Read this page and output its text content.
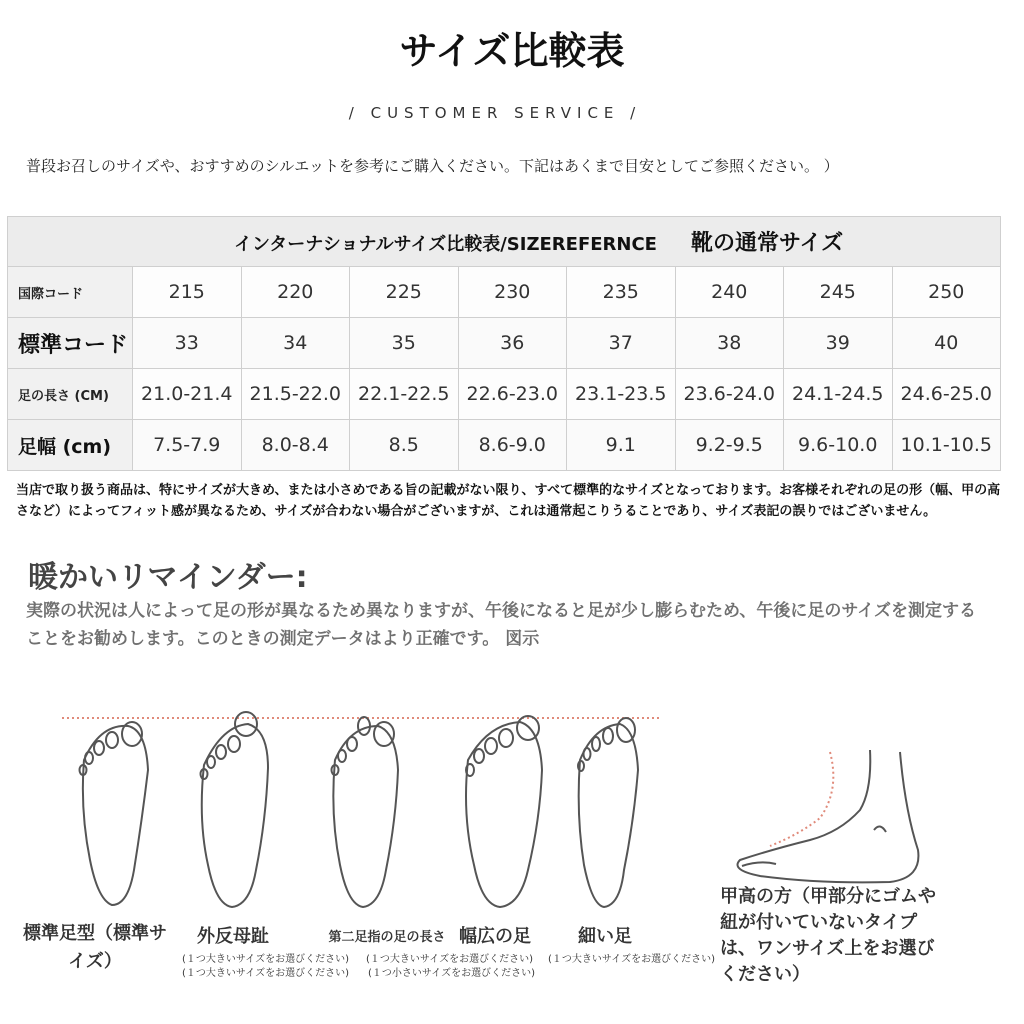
サイズ比較表
/ CUSTOMER SERVICE /
普段お召しのサイズや、おすすめのシルエットを参考にご購入ください。下記はあくまで目安としてご参照ください。 ）
インターナショナルサイズ比較表/SIZEREFERNCE 靴の通常サイズ								
国際コード	215	220	225	230	235	240	245	250
標準コード	33	34	35	36	37	38	39	40
足の長さ (CM)	21.0-21.4	21.5-22.0	22.1-22.5	22.6-23.0	23.1-23.5	23.6-24.0	24.1-24.5	24.6-25.0
足幅 (cm)	7.5-7.9	8.0-8.4	8.5	8.6-9.0	9.1	9.2-9.5	9.6-10.0	10.1-10.5
当店で取り扱う商品は、特にサイズが大きめ、または小さめである旨の記載がない限り、すべて標準的なサイズとなっております。お客様それぞれの足の形（幅、甲の高さなど）によってフィット感が異なるため、サイズが合わない場合がございますが、これは通常起こりうることであり、サイズ表記の誤りではございません。
暖かいリマインダー:
実際の状況は人によって足の形が異なるため異なりますが、午後になると足が少し膨らむため、午後に足のサイズを測定することをお勧めします。このときの測定データはより正確です。 図示
標準足型（標準サイズ）
外反母趾	第二足指の足の長さ 幅広の足	細い足
甲高の方（甲部分にゴムや紐が付いていないタイプは、ワンサイズ上をお選びください）
(１つ大きいサイズをお選びください) (１つ大きいサイズをお選びください) (１つ大きいサイズをお選びください)
(１つ大きいサイズをお選びください) (１つ小さいサイズをお選びください)
